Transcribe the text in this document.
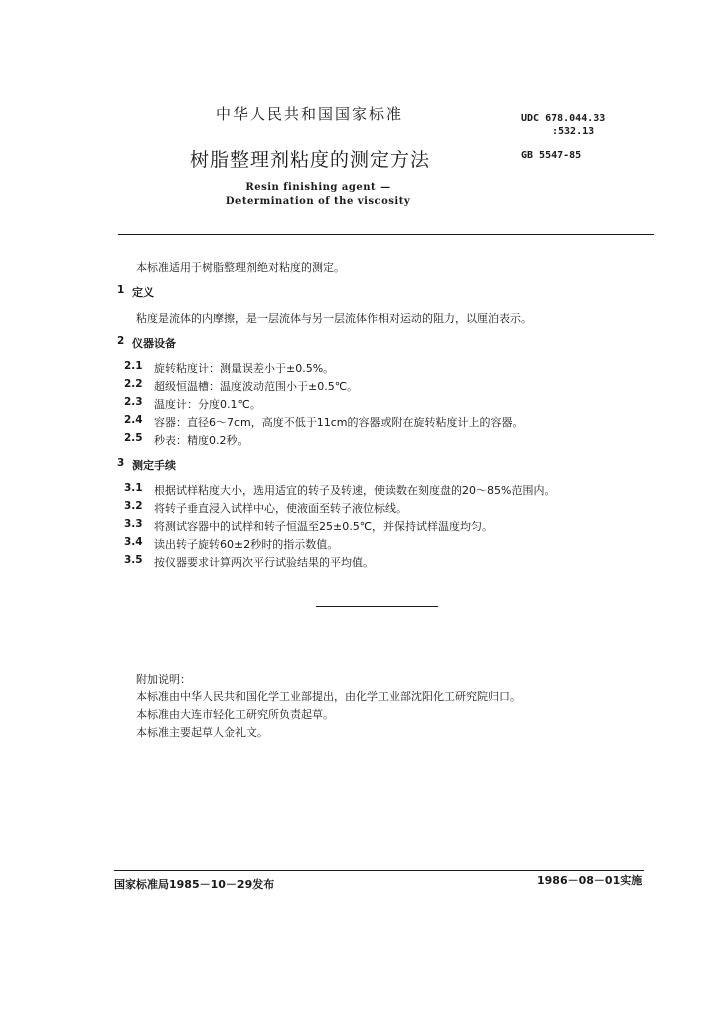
中华人民共和国国家标准	UDC 678.044.33
:532.13
树脂整理剂粘度的测定方法	GB 5547-85
Resin finishing agent —
Determination of the viscosity
本标准适用于树脂整理剂绝对粘度的测定。
1 定义
粘度是流体的内摩擦，是一层流体与另一层流体作相对运动的阻力，以厘泊表示。
2 仪器设备
2.1 旋转粘度计：测量误差小于±0.5%。
2.2 超级恒温槽：温度波动范围小于±0.5℃。
2.3 温度计：分度0.1℃。
2.4 容器：直径6～7cm，高度不低于11cm的容器或附在旋转粘度计上的容器。
2.5 秒表：精度0.2秒。
3 测定手续
3.1 根据试样粘度大小，选用适宜的转子及转速，使读数在刻度盘的20～85%范围内。
3.2 将转子垂直浸入试样中心，使液面至转子液位标线。
3.3 将测试容器中的试样和转子恒温至25±0.5℃，并保持试样温度均匀。
3.4 读出转子旋转60±2秒时的指示数值。
3.5 按仪器要求计算两次平行试验结果的平均值。
附加说明：
本标准由中华人民共和国化学工业部提出，由化学工业部沈阳化工研究院归口。
本标准由大连市轻化工研究所负责起草。
本标准主要起草人金礼文。
国家标准局1985－10－29发布	1986－08－01实施
